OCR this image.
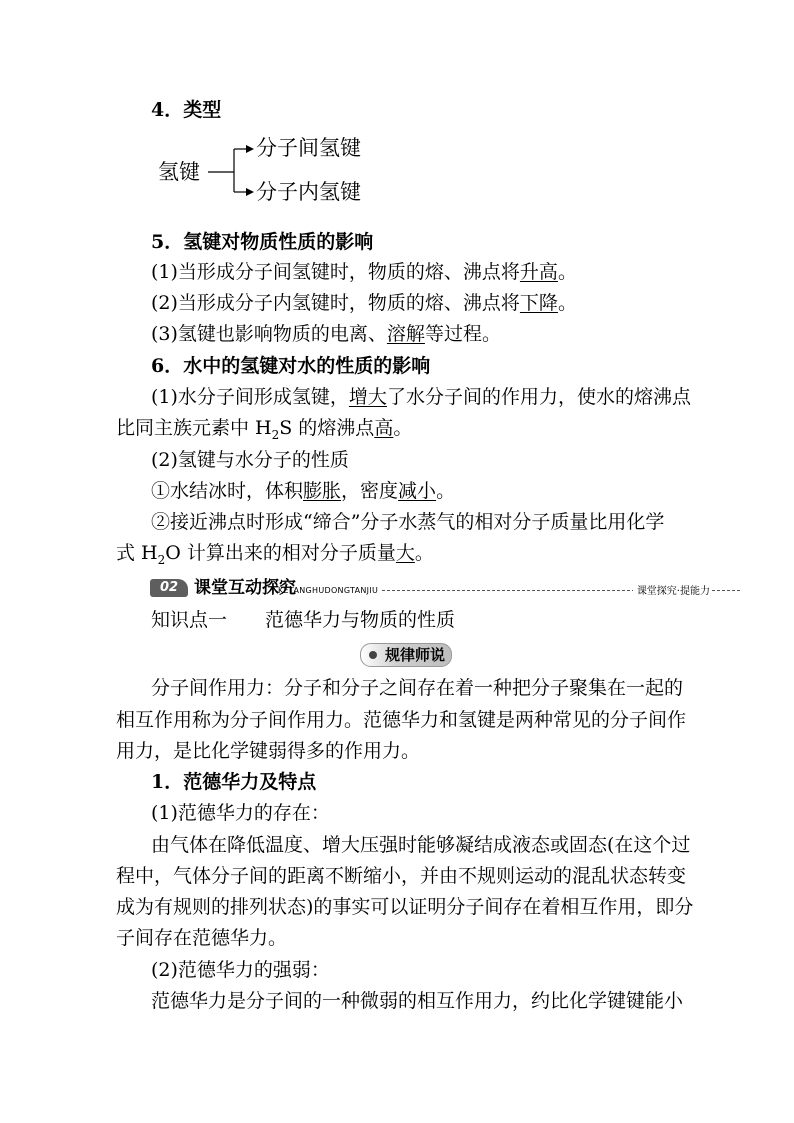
4．类型
氢键
分子间氢键
分子内氢键
5．氢键对物质性质的影响
(1)当形成分子间氢键时，物质的熔、沸点将升高。
(2)当形成分子内氢键时，物质的熔、沸点将下降。
(3)氢键也影响物质的电离、溶解等过程。
6．水中的氢键对水的性质的影响
(1)水分子间形成氢键，增大了水分子间的作用力，使水的熔沸点
比同主族元素中 $H_2S$ 的熔沸点高。
(2)氢键与水分子的性质
①水结冰时，体积膨胀，密度减小。
②接近沸点时形成“缔合”分子水蒸气的相对分子质量比用化学
式 $H_2O$ 计算出来的相对分子质量大。
02 课堂互动探究
KETANGHUDONGTANJIU	课堂探究·提能力
知识点一 范德华力与物质的性质
规律师说
分子间作用力：分子和分子之间存在着一种把分子聚集在一起的
相互作用称为分子间作用力。范德华力和氢键是两种常见的分子间作
用力，是比化学键弱得多的作用力。
1．范德华力及特点
(1)范德华力的存在：
由气体在降低温度、增大压强时能够凝结成液态或固态(在这个过
程中，气体分子间的距离不断缩小，并由不规则运动的混乱状态转变
成为有规则的排列状态)的事实可以证明分子间存在着相互作用，即分
子间存在范德华力。
(2)范德华力的强弱：
范德华力是分子间的一种微弱的相互作用力，约比化学键键能小
